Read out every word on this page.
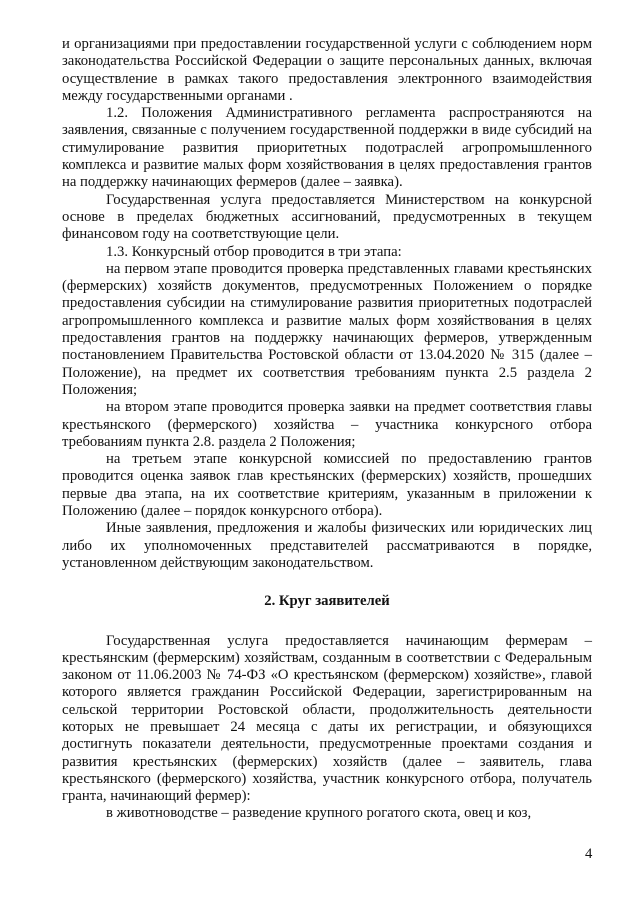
и организациями при предоставлении государственной услуги с соблюдением норм законодательства Российской Федерации о защите персональных данных, включая осуществление в рамках такого предоставления электронного взаимодействия между государственными органами .

1.2. Положения Административного регламента распространяются на заявления, связанные с получением государственной поддержки в виде субсидий на стимулирование развития приоритетных подотраслей агропромышленного комплекса и развитие малых форм хозяйствования в целях предоставления грантов на поддержку начинающих фермеров (далее – заявка).

Государственная услуга предоставляется Министерством на конкурсной основе в пределах бюджетных ассигнований, предусмотренных в текущем финансовом году на соответствующие цели.

1.3. Конкурсный отбор проводится в три этапа:

на первом этапе проводится проверка представленных главами крестьянских (фермерских) хозяйств документов, предусмотренных Положением о порядке предоставления субсидии на стимулирование развития приоритетных подотраслей агропромышленного комплекса и развитие малых форм хозяйствования в целях предоставления грантов на поддержку начинающих фермеров, утвержденным постановлением Правительства Ростовской области от 13.04.2020 № 315 (далее – Положение), на предмет их соответствия требованиям пункта 2.5 раздела 2 Положения;

на втором этапе проводится проверка заявки на предмет соответствия главы крестьянского (фермерского) хозяйства – участника конкурсного отбора требованиям пункта 2.8. раздела 2 Положения;

на третьем этапе конкурсной комиссией по предоставлению грантов проводится оценка заявок глав крестьянских (фермерских) хозяйств, прошедших первые два этапа, на их соответствие критериям, указанным в приложении к Положению (далее – порядок конкурсного отбора).

Иные заявления, предложения и жалобы физических или юридических лиц либо их уполномоченных представителей рассматриваются в порядке, установленном действующим законодательством.

2. Круг заявителей

Государственная услуга предоставляется начинающим фермерам – крестьянским (фермерским) хозяйствам, созданным в соответствии с Федеральным законом от 11.06.2003 № 74-ФЗ «О крестьянском (фермерском) хозяйстве», главой которого является гражданин Российской Федерации, зарегистрированным на сельской территории Ростовской области, продолжительность деятельности которых не превышает 24 месяца с даты их регистрации, и обязующихся достигнуть показатели деятельности, предусмотренные проектами создания и развития крестьянских (фермерских) хозяйств (далее – заявитель, глава крестьянского (фермерского) хозяйства, участник конкурсного отбора, получатель гранта, начинающий фермер):

в животноводстве – разведение крупного рогатого скота, овец и коз,

4
